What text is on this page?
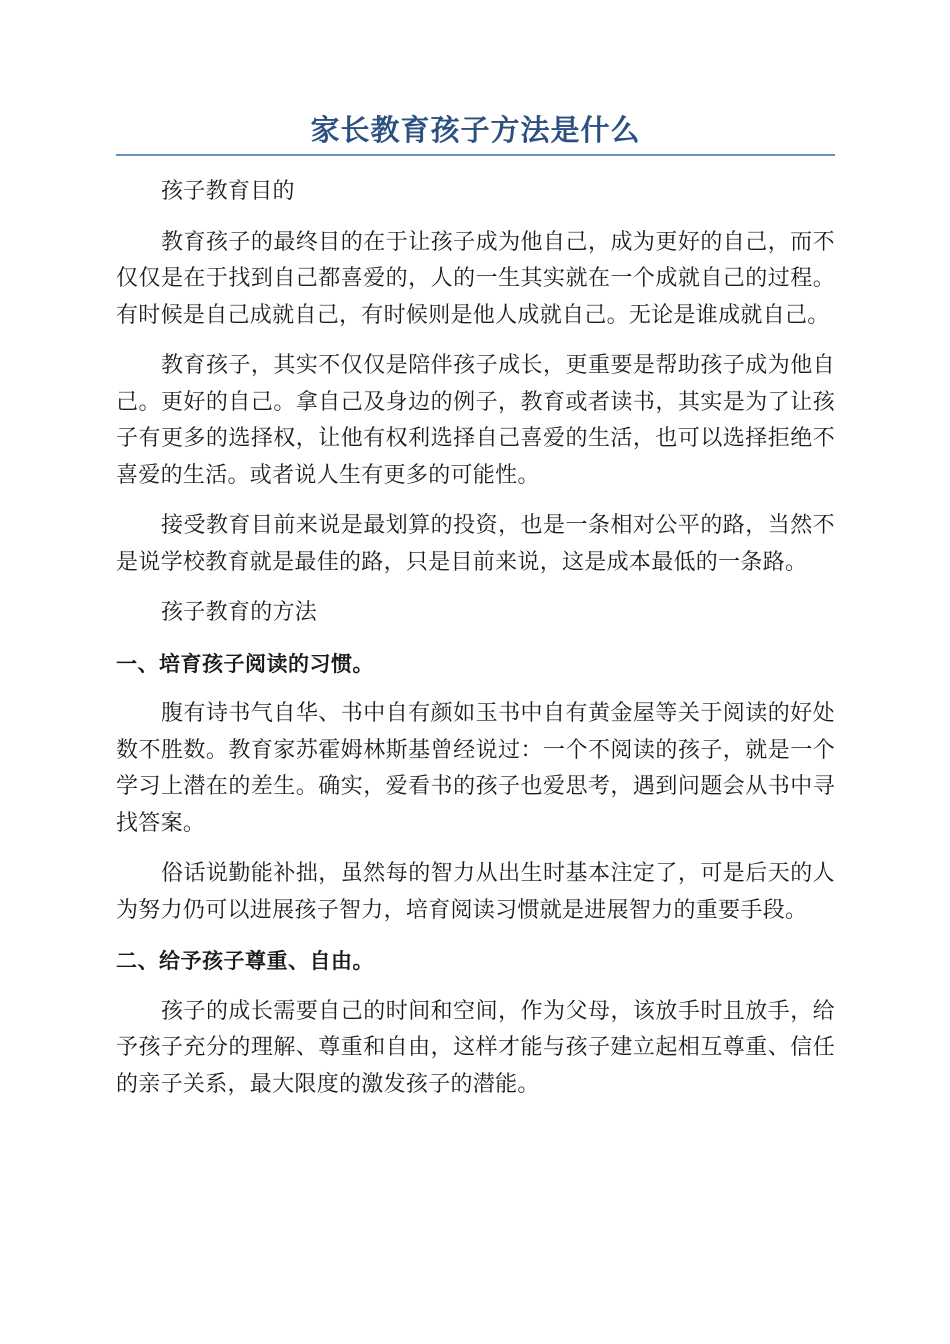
家长教育孩子方法是什么

孩子教育目的

教育孩子的最终目的在于让孩子成为他自己，成为更好的自己，而不仅仅是在于找到自己都喜爱的，人的一生其实就在一个成就自己的过程。有时候是自己成就自己，有时候则是他人成就自己。无论是谁成就自己。

教育孩子，其实不仅仅是陪伴孩子成长，更重要是帮助孩子成为他自己。更好的自己。拿自己及身边的例子，教育或者读书，其实是为了让孩子有更多的选择权，让他有权利选择自己喜爱的生活，也可以选择拒绝不喜爱的生活。或者说人生有更多的可能性。

接受教育目前来说是最划算的投资，也是一条相对公平的路，当然不是说学校教育就是最佳的路，只是目前来说，这是成本最低的一条路。

孩子教育的方法

一、培育孩子阅读的习惯。

腹有诗书气自华、书中自有颜如玉书中自有黄金屋等关于阅读的好处数不胜数。教育家苏霍姆林斯基曾经说过：一个不阅读的孩子，就是一个学习上潜在的差生。确实，爱看书的孩子也爱思考，遇到问题会从书中寻找答案。

俗话说勤能补拙，虽然每的智力从出生时基本注定了，可是后天的人为努力仍可以进展孩子智力，培育阅读习惯就是进展智力的重要手段。

二、给予孩子尊重、自由。

孩子的成长需要自己的时间和空间，作为父母，该放手时且放手，给予孩子充分的理解、尊重和自由，这样才能与孩子建立起相互尊重、信任的亲子关系，最大限度的激发孩子的潜能。
